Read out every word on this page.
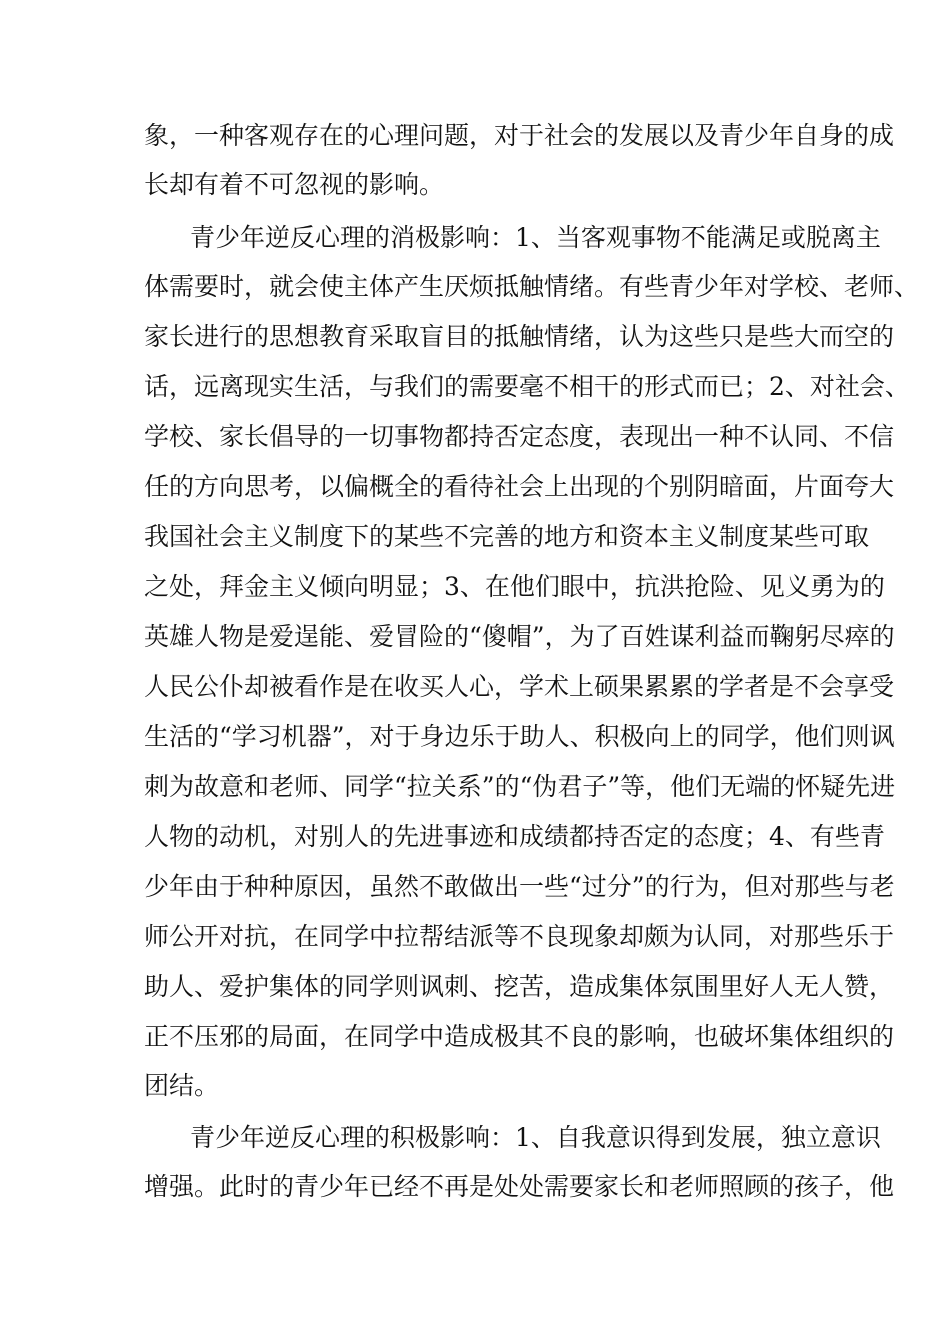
象，一种客观存在的心理问题，对于社会的发展以及青少年自身的成
长却有着不可忽视的影响。
青少年逆反心理的消极影响：1、当客观事物不能满足或脱离主
体需要时，就会使主体产生厌烦抵触情绪。有些青少年对学校、老师、
家长进行的思想教育采取盲目的抵触情绪，认为这些只是些大而空的
话，远离现实生活，与我们的需要毫不相干的形式而已；2、对社会、
学校、家长倡导的一切事物都持否定态度，表现出一种不认同、不信
任的方向思考，以偏概全的看待社会上出现的个别阴暗面，片面夸大
我国社会主义制度下的某些不完善的地方和资本主义制度某些可取
之处，拜金主义倾向明显；3、在他们眼中，抗洪抢险、见义勇为的
英雄人物是爱逞能、爱冒险的“傻帽”，为了百姓谋利益而鞠躬尽瘁的
人民公仆却被看作是在收买人心，学术上硕果累累的学者是不会享受
生活的“学习机器”，对于身边乐于助人、积极向上的同学，他们则讽
刺为故意和老师、同学“拉关系”的“伪君子”等，他们无端的怀疑先进
人物的动机，对别人的先进事迹和成绩都持否定的态度；4、有些青
少年由于种种原因，虽然不敢做出一些“过分”的行为，但对那些与老
师公开对抗，在同学中拉帮结派等不良现象却颇为认同，对那些乐于
助人、爱护集体的同学则讽刺、挖苦，造成集体氛围里好人无人赞，
正不压邪的局面，在同学中造成极其不良的影响，也破坏集体组织的
团结。
青少年逆反心理的积极影响：1、自我意识得到发展，独立意识
增强。此时的青少年已经不再是处处需要家长和老师照顾的孩子，他
